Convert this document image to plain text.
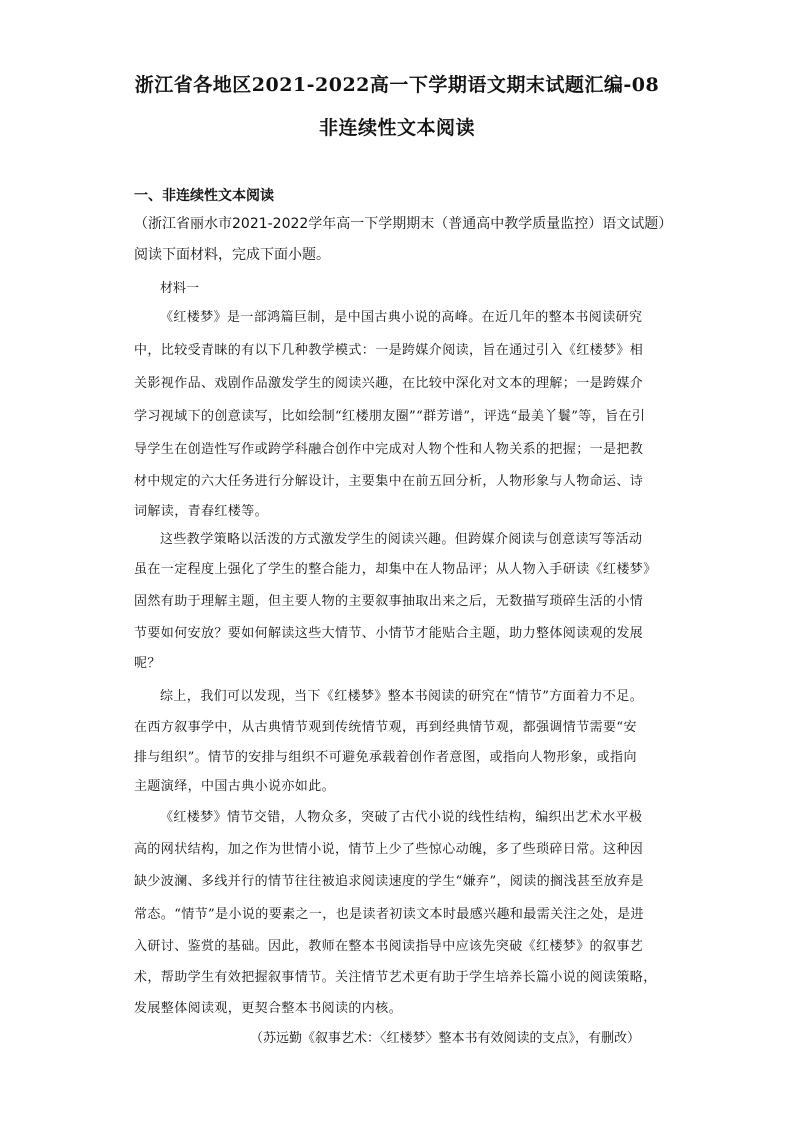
浙江省各地区2021-2022高一下学期语文期末试题汇编-08
非连续性文本阅读
一、非连续性文本阅读
（浙江省丽水市2021-2022学年高一下学期期末（普通高中教学质量监控）语文试题）
阅读下面材料，完成下面小题。
材料一
《红楼梦》是一部鸿篇巨制，是中国古典小说的高峰。在近几年的整本书阅读研究
中，比较受青睐的有以下几种教学模式：一是跨媒介阅读，旨在通过引入《红楼梦》相
关影视作品、戏剧作品激发学生的阅读兴趣，在比较中深化对文本的理解；一是跨媒介
学习视域下的创意读写，比如绘制“红楼朋友圈”“群芳谱”，评选“最美丫鬟”等，旨在引
导学生在创造性写作或跨学科融合创作中完成对人物个性和人物关系的把握；一是把教
材中规定的六大任务进行分解设计，主要集中在前五回分析，人物形象与人物命运、诗
词解读，青春红楼等。
这些教学策略以活泼的方式激发学生的阅读兴趣。但跨媒介阅读与创意读写等活动
虽在一定程度上强化了学生的整合能力，却集中在人物品评；从人物入手研读《红楼梦》
固然有助于理解主题，但主要人物的主要叙事抽取出来之后，无数描写琐碎生活的小情
节要如何安放？要如何解读这些大情节、小情节才能贴合主题，助力整体阅读观的发展
呢？
综上，我们可以发现，当下《红楼梦》整本书阅读的研究在“情节”方面着力不足。
在西方叙事学中，从古典情节观到传统情节观，再到经典情节观，都强调情节需要“安
排与组织”。情节的安排与组织不可避免承载着创作者意图，或指向人物形象，或指向
主题演绎，中国古典小说亦如此。
《红楼梦》情节交错，人物众多，突破了古代小说的线性结构，编织出艺术水平极
高的网状结构，加之作为世情小说，情节上少了些惊心动魄，多了些琐碎日常。这种因
缺少波澜、多线并行的情节往往被追求阅读速度的学生“嫌弃”，阅读的搁浅甚至放弃是
常态。“情节”是小说的要素之一，也是读者初读文本时最感兴趣和最需关注之处，是进
入研讨、鉴赏的基础。因此，教师在整本书阅读指导中应该先突破《红楼梦》的叙事艺
术，帮助学生有效把握叙事情节。关注情节艺术更有助于学生培养长篇小说的阅读策略，
发展整体阅读观，更契合整本书阅读的内核。
（苏远勤《叙事艺术：〈红楼梦〉整本书有效阅读的支点》，有删改）
